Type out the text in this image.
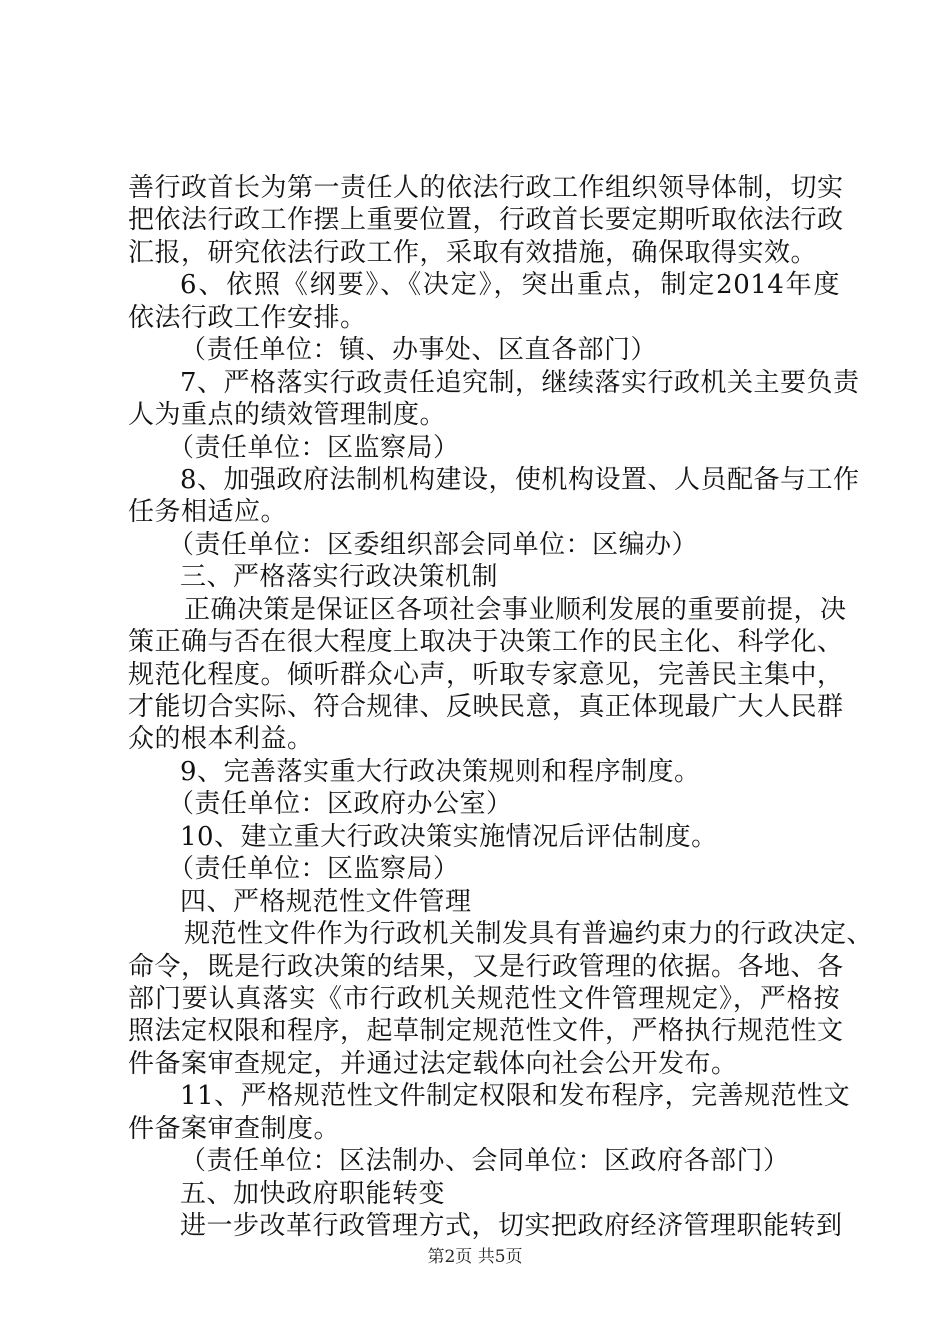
善行政首长为第一责任人的依法行政工作组织领导体制，切实
把依法行政工作摆上重要位置，行政首长要定期听取依法行政
汇报，研究依法行政工作，采取有效措施，确保取得实效。
6、依照《纲要》、《决定》，突出重点，制定2014年度
依法行政工作安排。
（责任单位：镇、办事处、区直各部门）
7、严格落实行政责任追究制，继续落实行政机关主要负责
人为重点的绩效管理制度。
（责任单位：区监察局）
8、加强政府法制机构建设，使机构设置、人员配备与工作
任务相适应。
（责任单位：区委组织部会同单位：区编办）
三、严格落实行政决策机制
正确决策是保证区各项社会事业顺利发展的重要前提，决
策正确与否在很大程度上取决于决策工作的民主化、科学化、
规范化程度。倾听群众心声，听取专家意见，完善民主集中，
才能切合实际、符合规律、反映民意，真正体现最广大人民群
众的根本利益。
9、完善落实重大行政决策规则和程序制度。
（责任单位：区政府办公室）
10、建立重大行政决策实施情况后评估制度。
（责任单位：区监察局）
四、严格规范性文件管理
规范性文件作为行政机关制发具有普遍约束力的行政决定、
命令，既是行政决策的结果，又是行政管理的依据。各地、各
部门要认真落实《市行政机关规范性文件管理规定》，严格按
照法定权限和程序，起草制定规范性文件，严格执行规范性文
件备案审查规定，并通过法定载体向社会公开发布。
11、严格规范性文件制定权限和发布程序，完善规范性文
件备案审查制度。
（责任单位：区法制办、会同单位：区政府各部门）
五、加快政府职能转变
进一步改革行政管理方式，切实把政府经济管理职能转到
第2页 共5页
